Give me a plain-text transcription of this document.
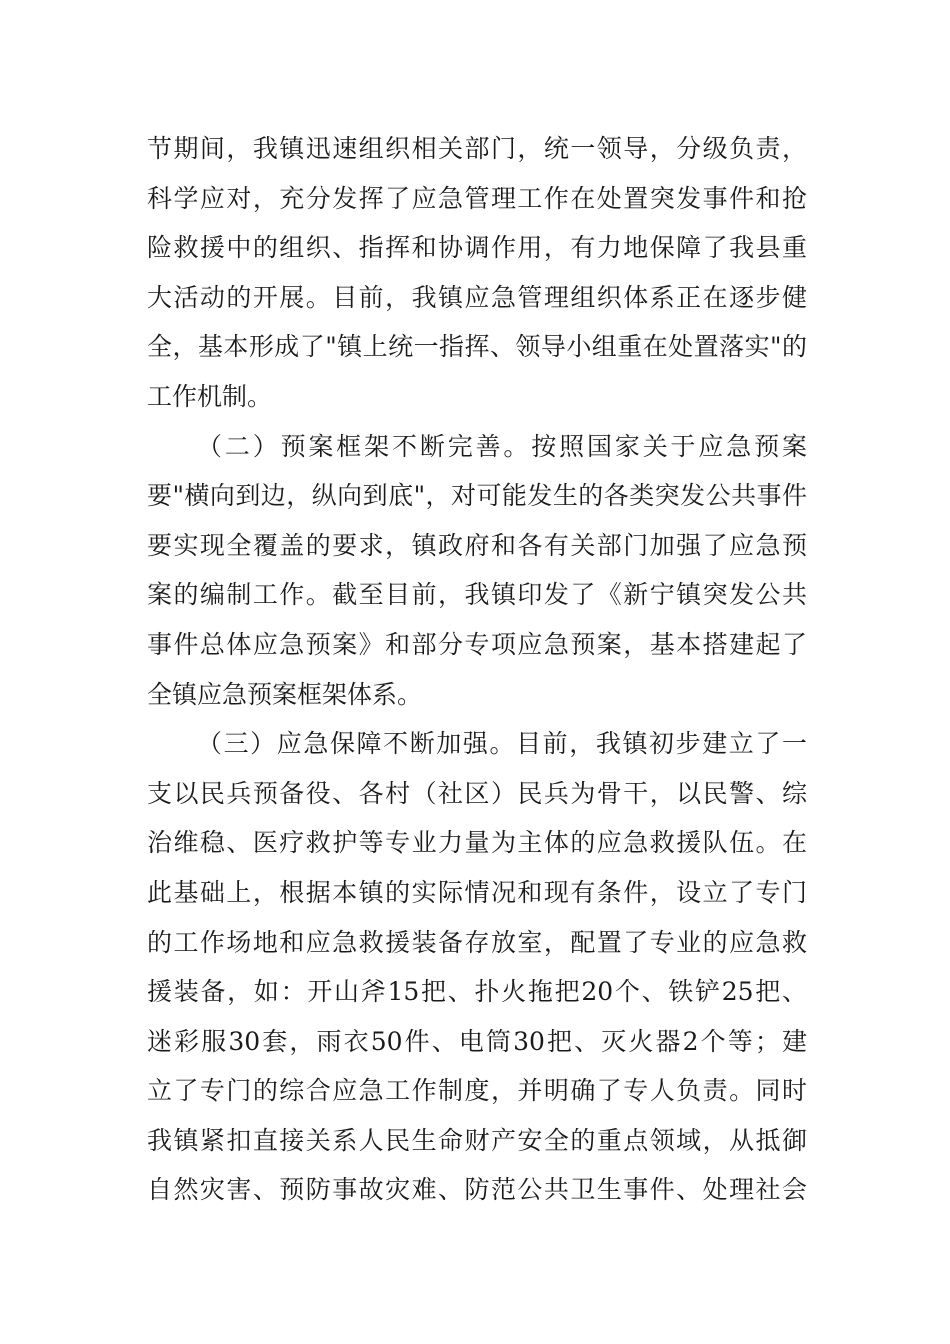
节期间，我镇迅速组织相关部门，统一领导，分级负责，
科学应对，充分发挥了应急管理工作在处置突发事件和抢
险救援中的组织、指挥和协调作用，有力地保障了我县重
大活动的开展。目前，我镇应急管理组织体系正在逐步健
全，基本形成了"镇上统一指挥、领导小组重在处置落实"的
工作机制。
（二）预案框架不断完善。按照国家关于应急预案
要"横向到边，纵向到底"，对可能发生的各类突发公共事件
要实现全覆盖的要求，镇政府和各有关部门加强了应急预
案的编制工作。截至目前，我镇印发了《新宁镇突发公共
事件总体应急预案》和部分专项应急预案，基本搭建起了
全镇应急预案框架体系。
（三）应急保障不断加强。目前，我镇初步建立了一
支以民兵预备役、各村（社区）民兵为骨干，以民警、综
治维稳、医疗救护等专业力量为主体的应急救援队伍。在
此基础上，根据本镇的实际情况和现有条件，设立了专门
的工作场地和应急救援装备存放室，配置了专业的应急救
援装备，如：开山斧15把、扑火拖把20个、铁铲25把、
迷彩服30套，雨衣50件、电筒30把、灭火器2个等；建
立了专门的综合应急工作制度，并明确了专人负责。同时
我镇紧扣直接关系人民生命财产安全的重点领域，从抵御
自然灾害、预防事故灾难、防范公共卫生事件、处理社会
